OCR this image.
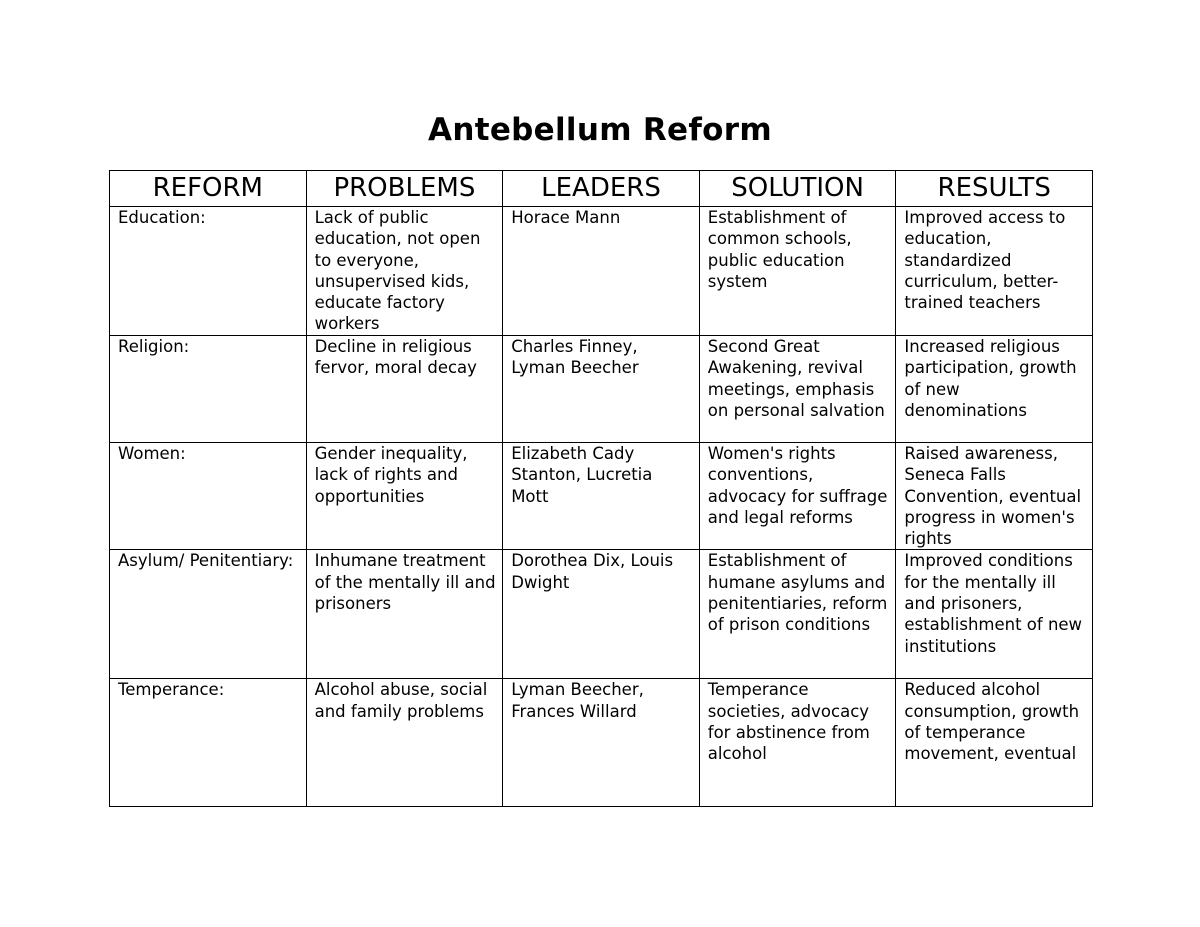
Antebellum Reform
REFORM	PROBLEMS	LEADERS	SOLUTION	RESULTS
Education:	Lack of public education, not open to everyone, unsupervised kids, educate factory workers	Horace Mann	Establishment of common schools, public education system	Improved access to education, standardized curriculum, better-trained teachers
Religion:	Decline in religious fervor, moral decay	Charles Finney, Lyman Beecher	Second Great Awakening, revival meetings, emphasis on personal salvation	Increased religious participation, growth of new denominations
Women:	Gender inequality, lack of rights and opportunities	Elizabeth Cady Stanton, Lucretia Mott	Women's rights conventions, advocacy for suffrage and legal reforms	Raised awareness, Seneca Falls Convention, eventual progress in women's rights
Asylum/ Penitentiary:	Inhumane treatment of the mentally ill and prisoners	Dorothea Dix, Louis Dwight	Establishment of humane asylums and penitentiaries, reform of prison conditions	Improved conditions for the mentally ill and prisoners, establishment of new institutions
Temperance:	Alcohol abuse, social and family problems	Lyman Beecher, Frances Willard	Temperance societies, advocacy for abstinence from alcohol	Reduced alcohol consumption, growth of temperance movement, eventual
